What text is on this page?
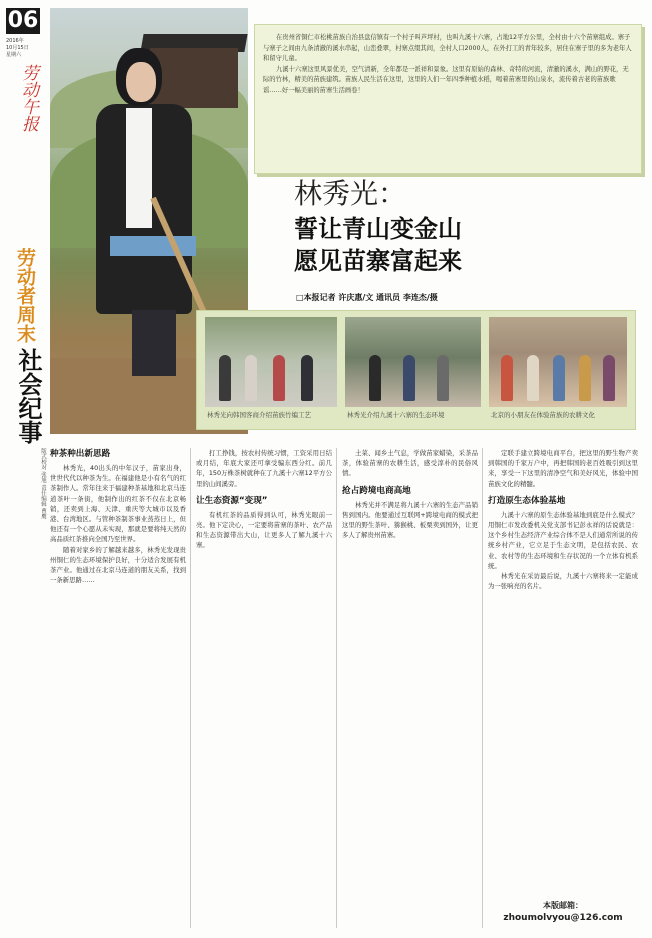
06
2016年
10月15日
星期六
劳动午报
劳动者周末
社会纪事
版式校对 张旭 责任编辑 曹鹰

在贵州省铜仁市松桃苗族自治县盘信镇有一个村子叫芦坪村，也叫九溪十六寨，占地12平方公里，全村由十六个苗寨组成。寨子与寨子之间由九条清澈的溪水串起，山峦叠翠，村寨点缀其间，全村人口2000人，在外打工的青年较多，居住在寨子里的多为老年人和留守儿童。

九溪十六寨这里风景优美，空气清新，全年都是一派祥和景象。这里有原始的森林、奇特的河流，清澈的溪水，满山的野花，无际的竹林，精美的苗族建筑。苗族人民生活在这里，这里的人们一年四季种植水稻，喝着苗寨里的山泉水，流传着古老的苗族歌谣……好一幅美丽的苗寨生活画卷！

林秀光：
誓让青山变金山
愿见苗寨富起来
□本报记者 许庆惠/文 通讯员 李连杰/摄
林秀光向韩国客商介绍苗族竹编工艺	林秀光介绍九溪十六寨的生态环境	北京的小朋友在体验苗族的农耕文化
种茶种出新思路

林秀光，40出头的中年汉子，苗家出身，世世代代以种茶为生。在福建他是小有名气的红茶制作人。常年往来于福建种茶基地和北京马连道茶叶一条街，他制作出的红茶不仅在北京畅销，还卖到上海、天津、重庆等大城市以及香港、台湾地区。与管种茶制茶事业蒸蒸日上，但他还有一个心愿从未实现，那就是要将纯天然的高品质红茶推向全国乃至世界。

随着对家乡的了解越来越多，林秀光发现贵州铜仁的生态环境保护良好，十分适合发展有机茶产业。他通过在北京马连道的朋友关系，找到一条新思路……

打工挣钱，按农村传统习惯，工资采用日结或月结，年底大家还可拿受骗东西分红。前几年，150万株茶树就种在了九溪十六寨12平方公里的山间溪旁。

让生态资源“变现”

有机红茶的品质得到认可，林秀光眼前一亮。他下定决心，一定要将苗寨的茶叶、农产品和生态资源带出大山，让更多人了解九溪十六寨。

土菜、闻乡土气息，学做苗家蜡染，采茶品茶，体验苗寨的农耕生活，感受淳朴的民俗风情。

抢占跨境电商高地

林秀光并不满足将九溪十六寨的生态产品销售到国内。他要通过互联网+跨境电商的模式把这里的野生茶叶、猕猴桃、板栗卖到国外，让更多人了解贵州苗寨。

定联手建立跨境电商平台，把这里的野生物产卖到韩国的千家万户中，再把韩国的老百姓吸引到这里来，享受一下这里的清净空气和美好风光，体验中国苗族文化的精髓。

打造原生态体验基地

九溪十六寨的原生态体验基地到底是什么模式？用铜仁市发改委机关党支部书记彭永祥的话说就是：这个乡村生态经济产业综合体不是人们通常所说的传统乡村产业，它立足于生态文明，是包括农民、农业、农村等的生态环境和生存状况的一个立体有机系统。

林秀光在采访最后说，九溪十六寨将来一定能成为一张响亮的名片。

本版邮箱：
zhoumolvyou@126.com
